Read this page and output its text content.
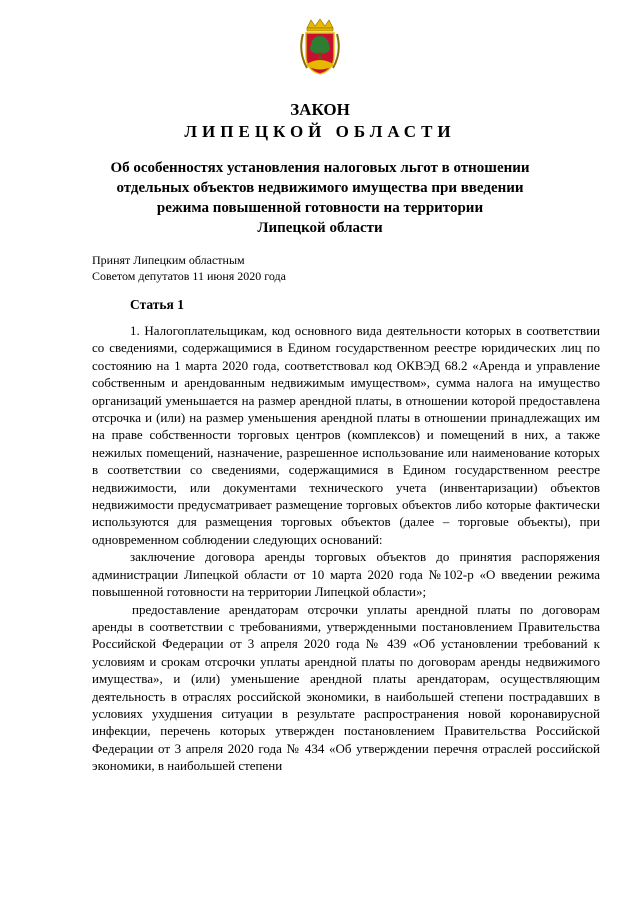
ЗАКОН
ЛИПЕЦКОЙ ОБЛАСТИ
Об особенностях установления налоговых льгот в отношении
отдельных объектов недвижимого имущества при введении
режима повышенной готовности на территории
Липецкой области
Принят Липецким областным
Советом депутатов 11 июня 2020 года
Статья 1

1. Налогоплательщикам, код основного вида деятельности которых в соответствии со сведениями, содержащимися в Едином государственном реестре юридических лиц по состоянию на 1 марта 2020 года, соответствовал код ОКВЭД 68.2 «Аренда и управление собственным и арендованным недвижимым имуществом», сумма налога на имущество организаций уменьшается на размер арендной платы, в отношении которой предоставлена отсрочка и (или) на размер уменьшения арендной платы в отношении принадлежащих им на праве собственности торговых центров (комплексов) и помещений в них, а также нежилых помещений, назначение, разрешенное использование или наименование которых в соответствии со сведениями, содержащимися в Едином государственном реестре недвижимости, или документами технического учета (инвентаризации) объектов недвижимости предусматривает размещение торговых объектов либо которые фактически используются для размещения торговых объектов (далее – торговые объекты), при одновременном соблюдении следующих оснований:

заключение договора аренды торговых объектов до принятия распоряжения администрации Липецкой области от 10 марта 2020 года №102-р «О введении режима повышенной готовности на территории Липецкой области»;

предоставление арендаторам отсрочки уплаты арендной платы по договорам аренды в соответствии с требованиями, утвержденными постановлением Правительства Российской Федерации от 3 апреля 2020 года № 439 «Об установлении требований к условиям и срокам отсрочки уплаты арендной платы по договорам аренды недвижимого имущества», и (или) уменьшение арендной платы арендаторам, осуществляющим деятельность в отраслях российской экономики, в наибольшей степени пострадавших в условиях ухудшения ситуации в результате распространения новой коронавирусной инфекции, перечень которых утвержден постановлением Правительства Российской Федерации от 3 апреля 2020 года № 434 «Об утверждении перечня отраслей российской экономики, в наибольшей степени
